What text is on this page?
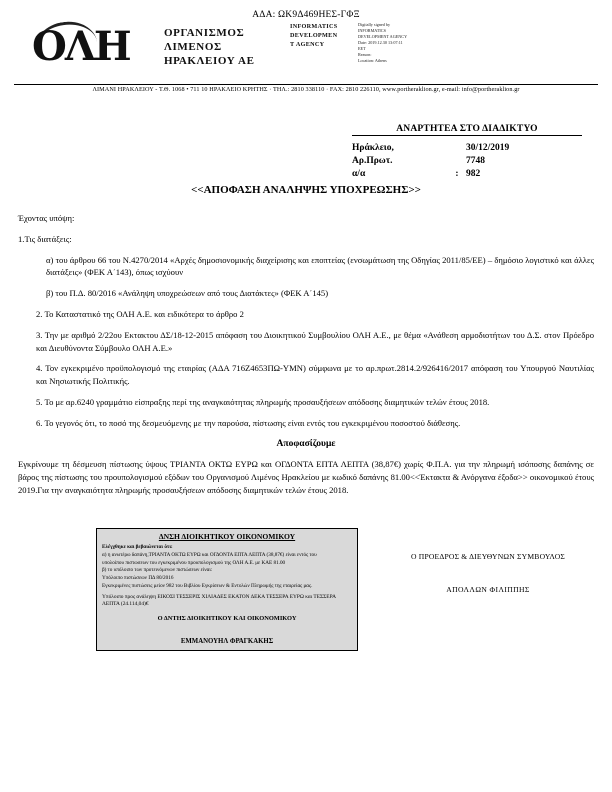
ΑΔΑ: ΩΚ9Δ469ΗΕΣ-ΓΦΞ
ΟΛΗ	ΟΡΓΑΝΙΣΜΟΣ
ΛΙΜΕΝΟΣ
ΗΡΑΚΛΕΙΟΥ ΑΕ
INFORMATICS
DEVELOPMEN
T AGENCY
Digitally signed by
INFORMATICS
DEVELOPMENT AGENCY
Date: 2019.12.30 13:07:11
EET
Reason:
Location: Athens
ΛΙΜΑΝΙ ΗΡΑΚΛΕΙΟΥ - Τ.Θ. 1068 • 711 10 ΗΡΑΚΛΕΙΟ ΚΡΗΤΗΣ · ΤΗΛ.: 2810 338110 · FAX: 2810 226110, www.portheraklion.gr, e-mail: info@portheraklion.gr
ΑΝΑΡΤΗΤΕΑ ΣΤΟ ΔΙΑΔΙΚΤΥΟ
Ηράκλειο,	30/12/2019
Αρ.Πρωτ.	7748
α/α	: 982
<<ΑΠΟΦΑΣΗ ΑΝΑΛΗΨΗΣ ΥΠΟΧΡΕΩΣΗΣ>>

Έχοντας υπόψη:

1.Τις διατάξεις:

α) του άρθρου 66 του Ν.4270/2014 «Αρχές δημοσιονομικής διαχείρισης και εποπτείας (ενσωμάτωση της Οδηγίας 2011/85/ΕΕ) – δημόσιο λογιστικό και άλλες διατάξεις» (ΦΕΚ Α΄143), όπως ισχύουν

β) του Π.Δ. 80/2016 «Ανάληψη υποχρεώσεων από τους Διατάκτες» (ΦΕΚ Α΄145)

2. Το Καταστατικό της ΟΛΗ Α.Ε. και ειδικότερα το άρθρο 2

3. Την με αριθμό 2/22ου Εκτακτου ΔΣ/18-12-2015 απόφαση του Διοικητικού Συμβουλίου ΟΛΗ Α.Ε., με θέμα «Ανάθεση αρμοδιοτήτων του Δ.Σ. στον Πρόεδρο και Διευθύνοντα Σύμβουλο ΟΛΗ Α.Ε.»

4. Τον εγκεκριμένο προϋπολογισμό της εταιρίας (ΑΔΑ 716Ζ4653ΠΩ-ΥΜΝ) σύμφωνα με το αρ.πρωτ.2814.2/926416/2017 απόφαση του Υπουργού Ναυτιλίας και Νησιωτικής Πολιτικής.

5. Το με αρ.6240 γραμμάτιο είσπραξης περί της αναγκαιότητας πληρωμής προσαυξήσεων απόδοσης διαμητικών τελών έτους 2018.

6. Το γεγονός ότι, το ποσό της δεσμευόμενης με την παρούσα, πίστωσης είναι εντός του εγκεκριμένου ποσοστού διάθεσης.

Αποφασίζουμε

Εγκρίνουμε τη δέσμευση πίστωσης ύψους ΤΡΙΑΝΤΑ ΟΚΤΩ ΕΥΡΩ και ΟΓΔΟΝΤΑ ΕΠΤΑ ΛΕΠΤΑ (38,87€) χωρίς Φ.Π.Α. για την πληρωμή ισόποσης δαπάνης σε βάρος της πίστωσης του προυπολογισμού εξόδων του Οργανισμού Λιμένος Ηρακλείου με κωδικό δαπάνης 81.00<<Έκτακτα & Ανόργανα έξοδα>> οικονομικού έτους 2019.Για την αναγκαιότητα πληρωμής προσαυξήσεων απόδοσης διαμητικών τελών έτους 2018.

ΔΝΣΗ ΔΙΟΙΚΗΤΙΚΟΥ ΟΙΚΟΝΟΜΙΚΟΥ
Ελέγχθηκε και βεβαιώνεται ότι:
α) η ανωτέρω δαπάνη,ΤΡΙΑΝΤΑ ΟΚΤΩ ΕΥΡΩ και ΟΓΔΟΝΤΑ ΕΠΤΑ ΛΕΠΤΑ (38,87€) είναι εντός του
υπολοίπου πιστωσεων του εγκεκριμένου προυπολογισμού της ΟΛΗ Α.Ε. με ΚΑΕ 81.00
β) το υπόλοιπο των προτεινόμενων πιστώσεων είναι:
Υπόλοιπο πιστώσεων ΠΔ 80/2016
Εγκεκριμένες πιστώσεις μείον 982 του Βιβλίου Εγκρίσεων & Εντολών Πληρωμής της εταιρείας μας.
Υπόλοιπο προς ανάληψη ΕΙΚΟΣΙ ΤΕΣΣΕΡΙΣ ΧΙΛΙΑΔΕΣ ΕΚΑΤΟΝ ΔΕΚΑ ΤΕΣΣΕΡΑ ΕΥΡΩ και ΤΕΣΣΕΡΑ ΛΕΠΤΑ (24.114,04)€
Ο ΔΝΤΗΣ ΔΙΟΙΚΗΤΙΚΟΥ ΚΑΙ ΟΙΚΟΝΟΜΙΚΟΥ
ΕΜΜΑΝΟΥΗΛ ΦΡΑΓΚΑΚΗΣ
Ο ΠΡΟΕΔΡΟΣ & ΔΙΕΥΘΥΝΩΝ ΣΥΜΒΟΥΛΟΣ
ΑΠΟΛΛΩΝ ΦΙΛΙΠΠΗΣ
